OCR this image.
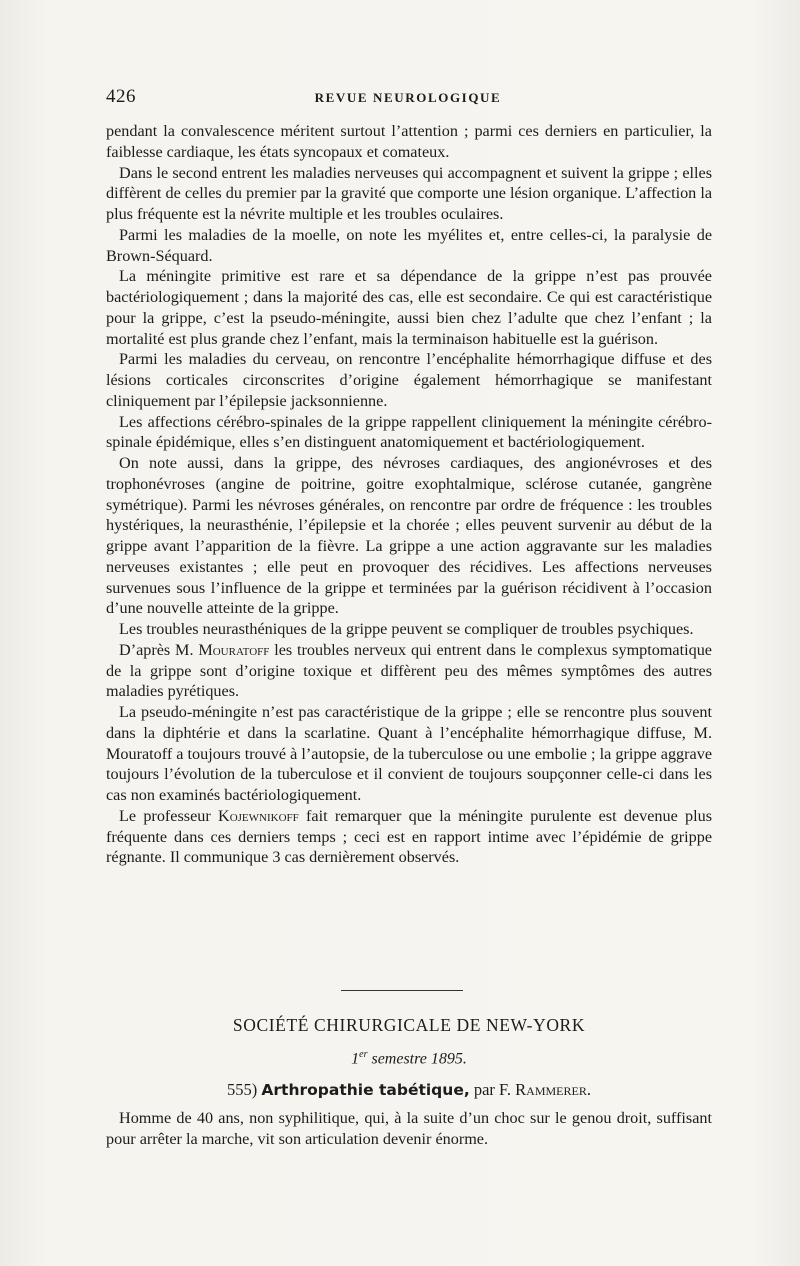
426	REVUE NEUROLOGIQUE

pendant la convalescence méritent surtout l’attention ; parmi ces derniers en particulier, la faiblesse cardiaque, les états syncopaux et comateux.

Dans le second entrent les maladies nerveuses qui accompagnent et suivent la grippe ; elles diffèrent de celles du premier par la gravité que comporte une lésion organique. L’affection la plus fréquente est la névrite multiple et les troubles oculaires.

Parmi les maladies de la moelle, on note les myélites et, entre celles-ci, la paralysie de Brown-Séquard.

La méningite primitive est rare et sa dépendance de la grippe n’est pas prouvée bactériologiquement ; dans la majorité des cas, elle est secondaire. Ce qui est caractéristique pour la grippe, c’est la pseudo-méningite, aussi bien chez l’adulte que chez l’enfant ; la mortalité est plus grande chez l’enfant, mais la terminaison habituelle est la guérison.

Parmi les maladies du cerveau, on rencontre l’encéphalite hémorrhagique diffuse et des lésions corticales circonscrites d’origine également hémorrhagique se manifestant cliniquement par l’épilepsie jacksonnienne.

Les affections cérébro-spinales de la grippe rappellent cliniquement la méningite cérébro-spinale épidémique, elles s’en distinguent anatomiquement et bactériologiquement.

On note aussi, dans la grippe, des névroses cardiaques, des angionévroses et des trophonévroses (angine de poitrine, goitre exophtalmique, sclérose cutanée, gangrène symétrique). Parmi les névroses générales, on rencontre par ordre de fréquence : les troubles hystériques, la neurasthénie, l’épilepsie et la chorée ; elles peuvent survenir au début de la grippe avant l’apparition de la fièvre. La grippe a une action aggravante sur les maladies nerveuses existantes ; elle peut en provoquer des récidives. Les affections nerveuses survenues sous l’influence de la grippe et terminées par la guérison récidivent à l’occasion d’une nouvelle atteinte de la grippe.

Les troubles neurasthéniques de la grippe peuvent se compliquer de troubles psychiques.

D’après M. Mouratoff les troubles nerveux qui entrent dans le complexus symptomatique de la grippe sont d’origine toxique et diffèrent peu des mêmes symptômes des autres maladies pyrétiques.

La pseudo-méningite n’est pas caractéristique de la grippe ; elle se rencontre plus souvent dans la diphtérie et dans la scarlatine. Quant à l’encéphalite hémorrhagique diffuse, M. Mouratoff a toujours trouvé à l’autopsie, de la tuberculose ou une embolie ; la grippe aggrave toujours l’évolution de la tuberculose et il convient de toujours soupçonner celle-ci dans les cas non examinés bactériologiquement.

Le professeur Kojewnikoff fait remarquer que la méningite purulente est devenue plus fréquente dans ces derniers temps ; ceci est en rapport intime avec l’épidémie de grippe régnante. Il communique 3 cas dernièrement observés.

SOCIÉTÉ CHIRURGICALE DE NEW-YORK
1er semestre 1895.
555) Arthropathie tabétique, par F. Rammerer.

Homme de 40 ans, non syphilitique, qui, à la suite d’un choc sur le genou droit, suffisant pour arrêter la marche, vit son articulation devenir énorme.
